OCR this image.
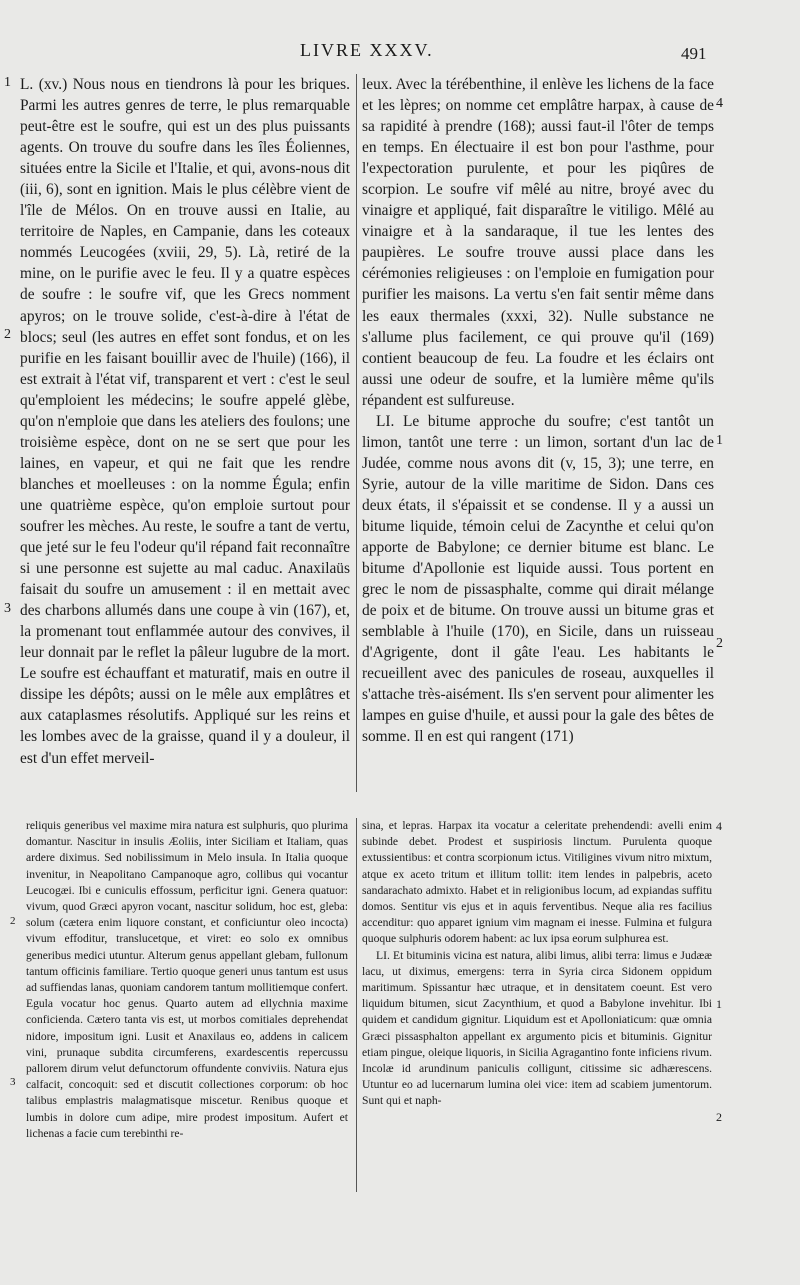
LIVRE XXXV.	491
1
2
3
4
1
2
2
3
4
1
2

L. (xv.) Nous nous en tiendrons là pour les briques. Parmi les autres genres de terre, le plus remarquable peut-être est le soufre, qui est un des plus puissants agents. On trouve du soufre dans les îles Éoliennes, situées entre la Sicile et l'Italie, et qui, avons-nous dit (iii, 6), sont en ignition. Mais le plus célèbre vient de l'île de Mélos. On en trouve aussi en Italie, au territoire de Naples, en Campanie, dans les coteaux nommés Leucogées (xviii, 29, 5). Là, retiré de la mine, on le purifie avec le feu. Il y a quatre espèces de soufre : le soufre vif, que les Grecs nomment apyros; on le trouve solide, c'est-à-dire à l'état de blocs; seul (les autres en effet sont fondus, et on les purifie en les faisant bouillir avec de l'huile) (166), il est extrait à l'état vif, transparent et vert : c'est le seul qu'emploient les médecins; le soufre appelé glèbe, qu'on n'emploie que dans les ateliers des foulons; une troisième espèce, dont on ne se sert que pour les laines, en vapeur, et qui ne fait que les rendre blanches et moelleuses : on la nomme Égula; enfin une quatrième espèce, qu'on emploie surtout pour soufrer les mèches. Au reste, le soufre a tant de vertu, que jeté sur le feu l'odeur qu'il répand fait reconnaître si une personne est sujette au mal caduc. Anaxilaüs faisait du soufre un amusement : il en mettait avec des charbons allumés dans une coupe à vin (167), et, la promenant tout enflammée autour des convives, il leur donnait par le reflet la pâleur lugubre de la mort. Le soufre est échauffant et maturatif, mais en outre il dissipe les dépôts; aussi on le mêle aux emplâtres et aux cataplasmes résolutifs. Appliqué sur les reins et les lombes avec de la graisse, quand il y a douleur, il est d'un effet merveil-

leux. Avec la térébenthine, il enlève les lichens de la face et les lèpres; on nomme cet emplâtre harpax, à cause de sa rapidité à prendre (168); aussi faut-il l'ôter de temps en temps. En électuaire il est bon pour l'asthme, pour l'expectoration purulente, et pour les piqûres de scorpion. Le soufre vif mêlé au nitre, broyé avec du vinaigre et appliqué, fait disparaître le vitiligo. Mêlé au vinaigre et à la sandaraque, il tue les lentes des paupières. Le soufre trouve aussi place dans les cérémonies religieuses : on l'emploie en fumigation pour purifier les maisons. La vertu s'en fait sentir même dans les eaux thermales (xxxi, 32). Nulle substance ne s'allume plus facilement, ce qui prouve qu'il (169) contient beaucoup de feu. La foudre et les éclairs ont aussi une odeur de soufre, et la lumière même qu'ils répandent est sulfureuse.

LI. Le bitume approche du soufre; c'est tantôt un limon, tantôt une terre : un limon, sortant d'un lac de Judée, comme nous avons dit (v, 15, 3); une terre, en Syrie, autour de la ville maritime de Sidon. Dans ces deux états, il s'épaissit et se condense. Il y a aussi un bitume liquide, témoin celui de Zacynthe et celui qu'on apporte de Babylone; ce dernier bitume est blanc. Le bitume d'Apollonie est liquide aussi. Tous portent en grec le nom de pissasphalte, comme qui dirait mélange de poix et de bitume. On trouve aussi un bitume gras et semblable à l'huile (170), en Sicile, dans un ruisseau d'Agrigente, dont il gâte l'eau. Les habitants le recueillent avec des panicules de roseau, auxquelles il s'attache très-aisément. Ils s'en servent pour alimenter les lampes en guise d'huile, et aussi pour la gale des bêtes de somme. Il en est qui rangent (171)

reliquis generibus vel maxime mira natura est sulphuris, quo plurima domantur. Nascitur in insulis Æoliis, inter Siciliam et Italiam, quas ardere diximus. Sed nobilissimum in Melo insula. In Italia quoque invenitur, in Neapolitano Campanoque agro, collibus qui vocantur Leucogæi. Ibi e cuniculis effossum, perficitur igni. Genera quatuor: vivum, quod Græci apyron vocant, nascitur solidum, hoc est, gleba: solum (cætera enim liquore constant, et conficiuntur oleo incocta) vivum effoditur, translucetque, et viret: eo solo ex omnibus generibus medici utuntur. Alterum genus appellant glebam, fullonum tantum officinis familiare. Tertio quoque generi unus tantum est usus ad suffiendas lanas, quoniam candorem tantum mollitiemque confert. Egula vocatur hoc genus. Quarto autem ad ellychnia maxime conficienda. Cætero tanta vis est, ut morbos comitiales deprehendat nidore, impositum igni. Lusit et Anaxilaus eo, addens in calicem vini, prunaque subdita circumferens, exardescentis repercussu pallorem dirum velut defunctorum offundente conviviis. Natura ejus calfacit, concoquit: sed et discutit collectiones corporum: ob hoc talibus emplastris malagmatisque miscetur. Renibus quoque et lumbis in dolore cum adipe, mire prodest impositum. Aufert et lichenas a facie cum terebinthi re-

sina, et lepras. Harpax ita vocatur a celeritate prehendendi: avelli enim subinde debet. Prodest et suspiriosis linctum. Purulenta quoque extussientibus: et contra scorpionum ictus. Vitiligines vivum nitro mixtum, atque ex aceto tritum et illitum tollit: item lendes in palpebris, aceto sandarachato admixto. Habet et in religionibus locum, ad expiandas suffitu domos. Sentitur vis ejus et in aquis ferventibus. Neque alia res facilius accenditur: quo apparet ignium vim magnam ei inesse. Fulmina et fulgura quoque sulphuris odorem habent: ac lux ipsa eorum sulphurea est.

LI. Et bituminis vicina est natura, alibi limus, alibi terra: limus e Judææ lacu, ut diximus, emergens: terra in Syria circa Sidonem oppidum maritimum. Spissantur hæc utraque, et in densitatem coeunt. Est vero liquidum bitumen, sicut Zacynthium, et quod a Babylone invehitur. Ibi quidem et candidum gignitur. Liquidum est et Apolloniaticum: quæ omnia Græci pissasphalton appellant ex argumento picis et bituminis. Gignitur etiam pingue, oleique liquoris, in Sicilia Agragantino fonte inficiens rivum. Incolæ id arundinum paniculis colligunt, citissime sic adhærescens. Utuntur eo ad lucernarum lumina olei vice: item ad scabiem jumentorum. Sunt qui et naph-
